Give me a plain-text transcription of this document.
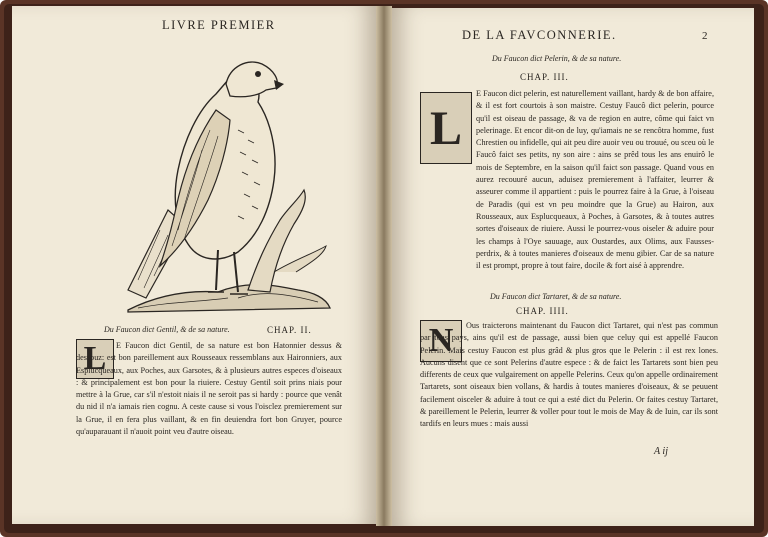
LIVRE PREMIER
Du Faucon dict Gentil, & de sa nature.	CHAP. II.
L	E Faucon dict Gentil, de sa nature est bon Hatonnier dessus & dessouz: est bon pareillement aux Rousseaux ressemblans aux Haironniers, aux Esplucqueaux, aux Poches, aux Garsotes, & à plusieurs autres especes d'oiseaux : & principalement est bon pour la riuiere. Cestuy Gentil soit prins niais pour mettre à la Grue, car s'il n'estoit niais il ne seroit pas si hardy : pource que venât du nid il n'a iamais rien cognu. A ceste cause si vous l'oisclez premierement sur la Grue, il en fera plus vaillant, & en fin deuiendra fort bon Gruyer, pource qu'auparauant il n'auoit point veu d'autre oiseau.

DE LA FAVCONNERIE.	2
Du Faucon dict Pelerin, & de sa nature.
CHAP. III.
L

E Faucon dict pelerin, est naturellement vaillant, hardy & de bon affaire, & il est fort courtois à son maistre. Cestuy Faucô dict pelerin, pource qu'il est oiseau de passage, & va de region en autre, côme qui faict vn pelerinage. Et encor dit-on de luy, qu'iamais ne se rencôtra homme, fust Chrestien ou infidelle, qui ait peu dire auoir veu ou trouué, ou sceu où le Faucô faict ses petits, ny son aire : ains se prêd tous les ans enuirô le mois de Septembre, en la saison qu'il faict son passage. Quand vous en aurez recouuré aucun, aduisez premierement à l'affaiter, leurrer & asseurer comme il appartient : puis le pourrez faire à la Grue, à l'oiseau de Paradis (qui est vn peu moindre que la Grue) au Hairon, aux Rousseaux, aux Esplucqueaux, à Poches, à Garsotes, & à toutes autres sortes d'oiseaux de riuiere. Aussi le pourrez-vous oiseler & aduire pour les champs à l'Oye sauuage, aux Oustardes, aux Olims, aux Fausses-perdrix, & à toutes manieres d'oiseaux de menu gibier. Car de sa nature il est prompt, propre à tout faire, docile & fort aisé à apprendre.

Du Faucon dict Tartaret, & de sa nature.
CHAP. IIII.
N	Ous traicterons maintenant du Faucon dict Tartaret, qui n'est pas commun par tous pays, ains qu'il est de passage, aussi bien que celuy qui est appellé Faucon Pelerin. Mais cestuy Faucon est plus grâd & plus gros que le Pelerin : il est rex lones. Aucuns disent que ce sont Pelerins d'autre espece : & de faict les Tartarets sont bien peu differents de ceux que vulgairement on appelle Pelerins. Ceux qu'on appelle ordinairement Tartarets, sont oiseaux bien vollans, & hardis à toutes manieres d'oiseaux, & se peuuent facilement oisceler & aduire à tout ce qui a esté dict du Pelerin. Or faites cestuy Tartaret, & pareillement le Pelerin, leurrer & voller pour tout le mois de May & de Iuin, car ils sont tardifs en leurs mues : mais aussi

A ij
